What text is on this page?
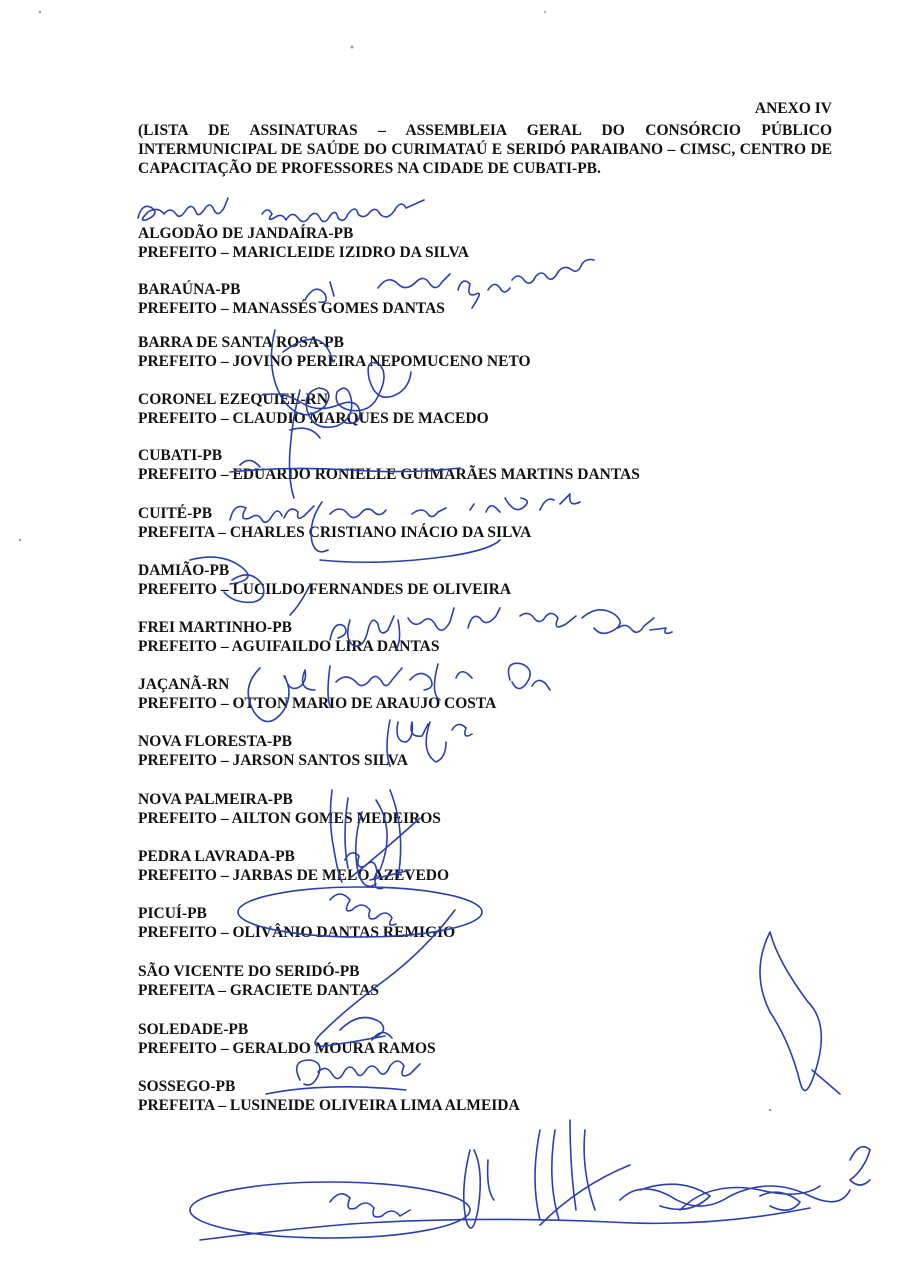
ANEXO IV
(LISTA DE ASSINATURAS – ASSEMBLEIA GERAL DO CONSÓRCIO PÚBLICO INTERMUNICIPAL DE SAÚDE DO CURIMATAÚ E SERIDÓ PARAIBANO – CIMSC, CENTRO DE CAPACITAÇÃO DE PROFESSORES NA CIDADE DE CUBATI-PB.
ALGODÃO DE JANDAÍRA-PB
PREFEITO – MARICLEIDE IZIDRO DA SILVA
BARAÚNA-PB
PREFEITO – MANASSÉS GOMES DANTAS
BARRA DE SANTA ROSA-PB
PREFEITO – JOVINO PEREIRA NEPOMUCENO NETO
CORONEL EZEQUIEL-RN
PREFEITO – CLAUDIO MARQUES DE MACEDO
CUBATI-PB
PREFEITO – EDUARDO RONIELLE GUIMARÃES MARTINS DANTAS
CUITÉ-PB
PREFEITA – CHARLES CRISTIANO INÁCIO DA SILVA
DAMIÃO-PB
PREFEITO – LUCILDO FERNANDES DE OLIVEIRA
FREI MARTINHO-PB
PREFEITO – AGUIFAILDO LIRA DANTAS
JAÇANÃ-RN
PREFEITO – OTTON MARIO DE ARAUJO COSTA
NOVA FLORESTA-PB
PREFEITO – JARSON SANTOS SILVA
NOVA PALMEIRA-PB
PREFEITO – AILTON GOMES MEDEIROS
PEDRA LAVRADA-PB
PREFEITO – JARBAS DE MELO AZEVEDO
PICUÍ-PB
PREFEITO – OLIVÂNIO DANTAS REMIGIO
SÃO VICENTE DO SERIDÓ-PB
PREFEITA – GRACIETE DANTAS
SOLEDADE-PB
PREFEITO – GERALDO MOURA RAMOS
SOSSEGO-PB
PREFEITA – LUSINEIDE OLIVEIRA LIMA ALMEIDA
